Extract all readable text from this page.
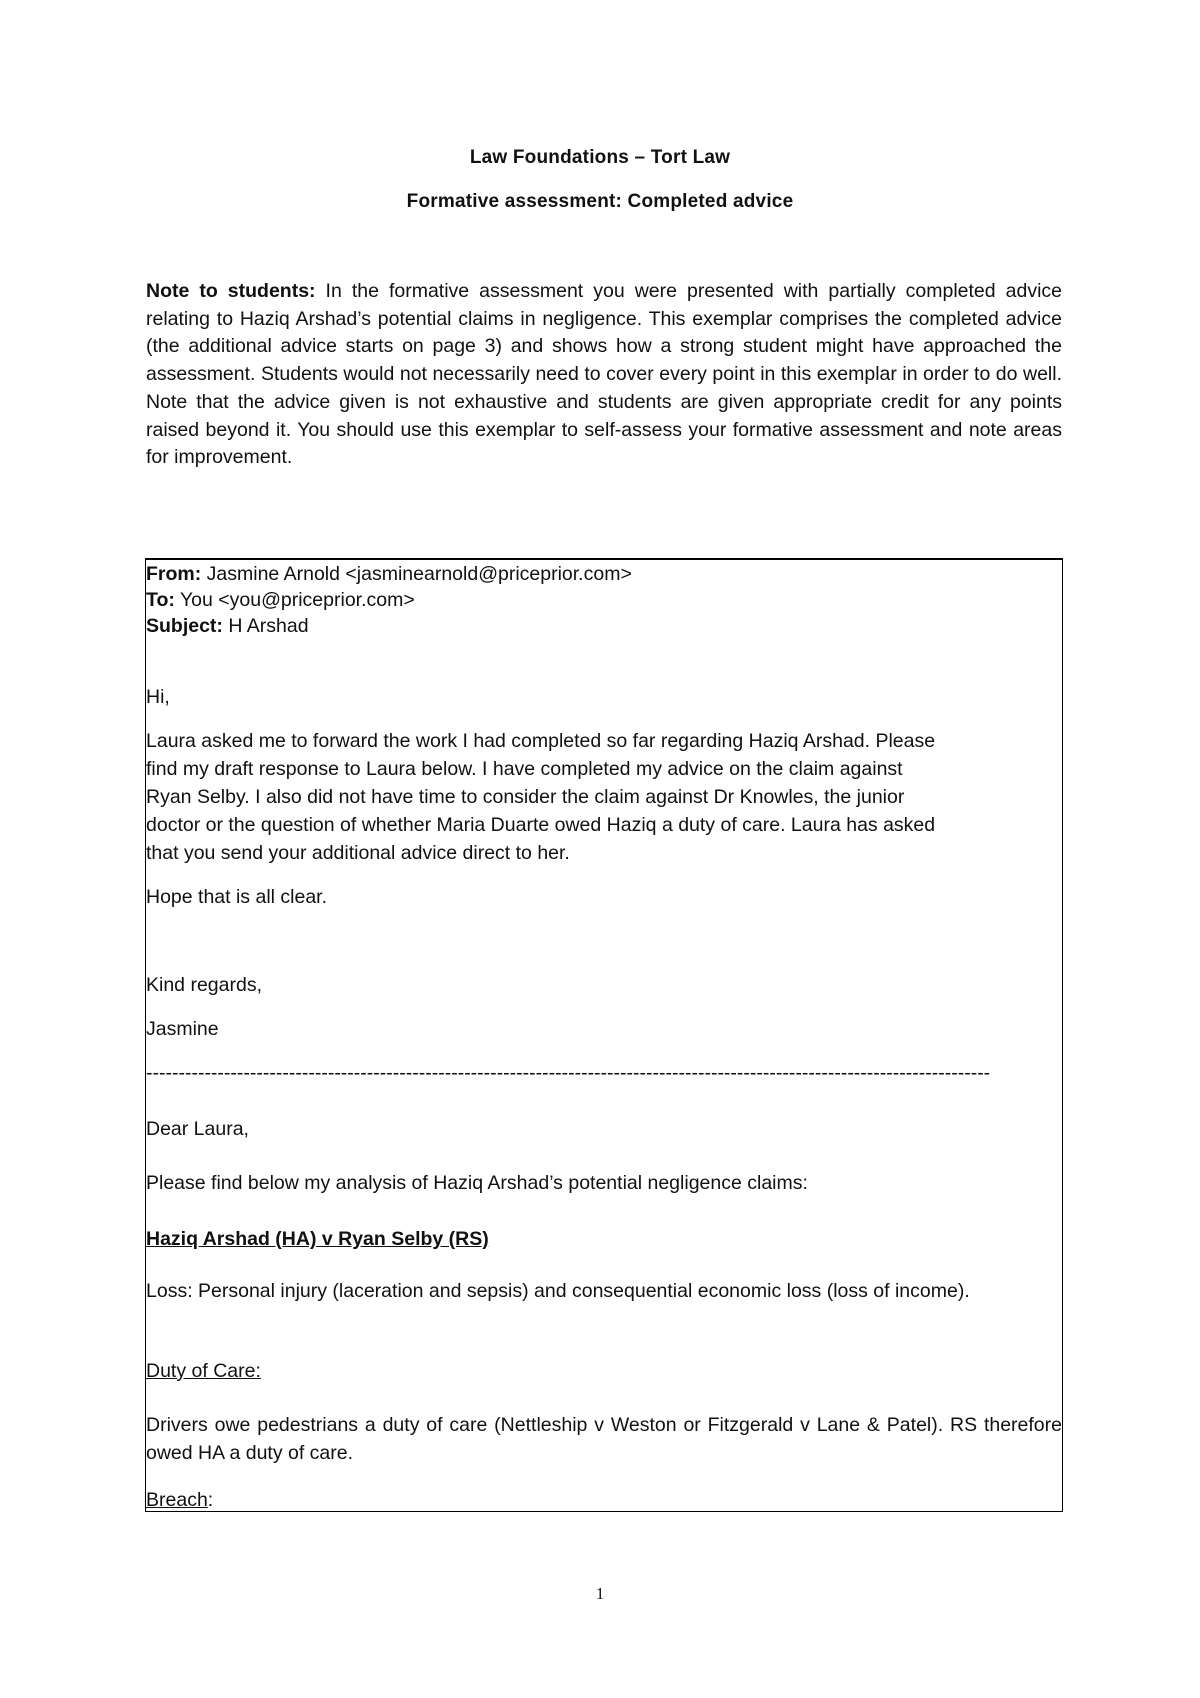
Law Foundations – Tort Law
Formative assessment: Completed advice
Note to students: In the formative assessment you were presented with partially completed advice relating to Haziq Arshad’s potential claims in negligence. This exemplar comprises the completed advice (the additional advice starts on page 3) and shows how a strong student might have approached the assessment. Students would not necessarily need to cover every point in this exemplar in order to do well. Note that the advice given is not exhaustive and students are given appropriate credit for any points raised beyond it. You should use this exemplar to self-assess your formative assessment and note areas for improvement.
From: Jasmine Arnold <jasminearnold@priceprior.com>
To: You <you@priceprior.com>
Subject: H Arshad
Hi,
Laura asked me to forward the work I had completed so far regarding Haziq Arshad. Please
find my draft response to Laura below. I have completed my advice on the claim against
Ryan Selby. I also did not have time to consider the claim against Dr Knowles, the junior
doctor or the question of whether Maria Duarte owed Haziq a duty of care. Laura has asked
that you send your additional advice direct to her.
Hope that is all clear.
Kind regards,
Jasmine
----------------------------------------------------------------------------------------------------------------------------------
Dear Laura,
Please find below my analysis of Haziq Arshad’s potential negligence claims:
Haziq Arshad (HA) v Ryan Selby (RS)
Loss: Personal injury (laceration and sepsis) and consequential economic loss (loss of income).
Duty of Care:
Drivers owe pedestrians a duty of care (Nettleship v Weston or Fitzgerald v Lane & Patel). RS therefore owed HA a duty of care.
Breach:
1
